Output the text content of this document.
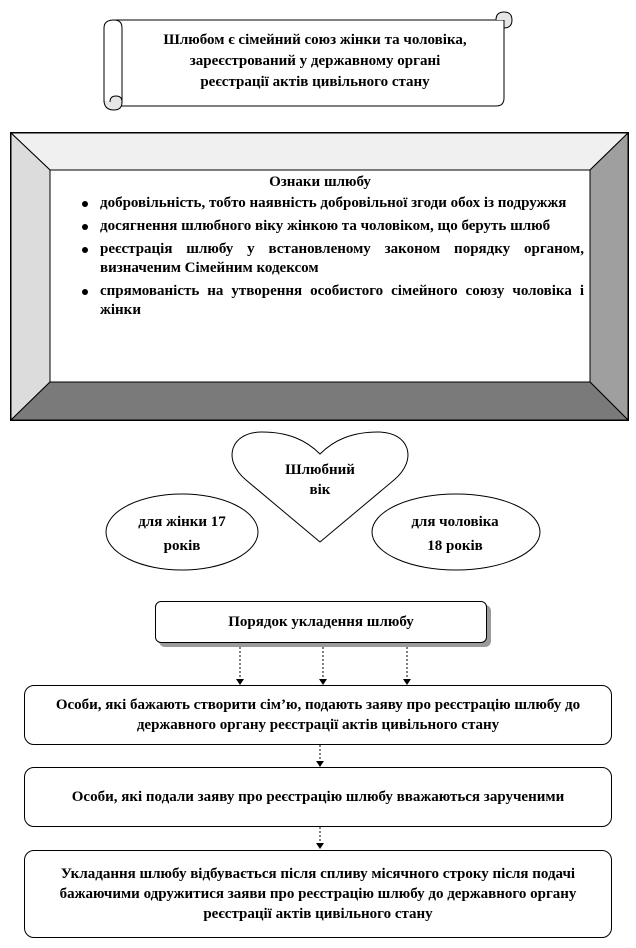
Шлюбом є сімейний союз жінки та чоловіка,
зареєстрований у державному органі
реєстрації актів цивільного стану
Ознаки шлюбу
добровільність, тобто наявність добровільної згоди обох із подружжя
досягнення шлюбного віку жінкою та чоловіком, що беруть шлюб
реєстрація шлюбу у встановленому законом порядку органом, визначеним Сімейним кодексом
спрямованість на утворення особистого сімейного союзу чоловіка і жінки
Шлюбний
вік
для жінки 17
років
для чоловіка
18 років
Порядок укладення шлюбу
Особи, які бажають створити сім’ю, подають заяву про реєстрацію шлюбу до державного органу реєстрації актів цивільного стану
Особи, які подали заяву про реєстрацію шлюбу вважаються зарученими
Укладання шлюбу відбувається після спливу місячного строку після подачі бажаючими одружитися заяви про реєстрацію шлюбу до державного органу реєстрації актів цивільного стану
